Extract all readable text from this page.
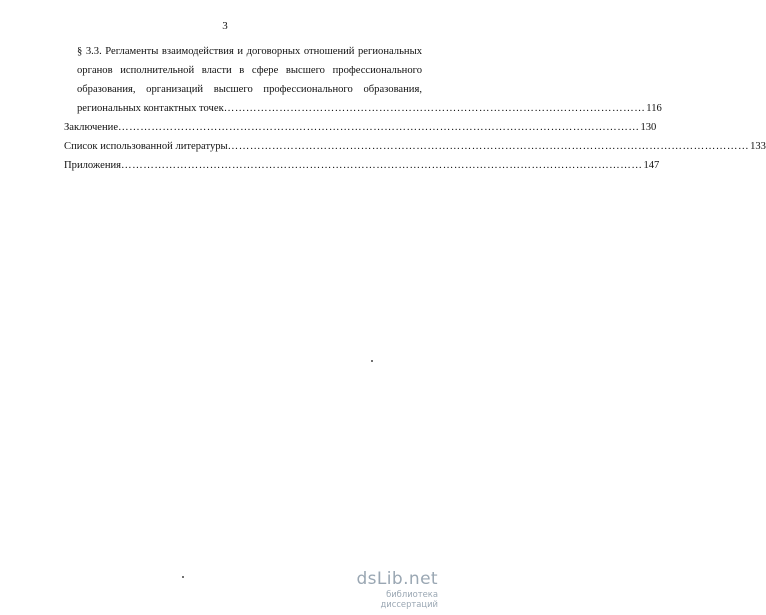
3
§ 3.3. Регламенты взаимодействия и договорных отношений региональных
органов исполнительной власти в сфере высшего профессионального
образования, организаций высшего профессионального образования,
региональных контактных точек …………………………………………………………………………………………………… 116
Заключение …………………………………………………………………………………………………………………………… 130
Список использованной литературы …………………………………………………………………………………………………………………………… 133
Приложения …………………………………………………………………………………………………………………………… 147
dsLib.net
библиотека диссертаций
